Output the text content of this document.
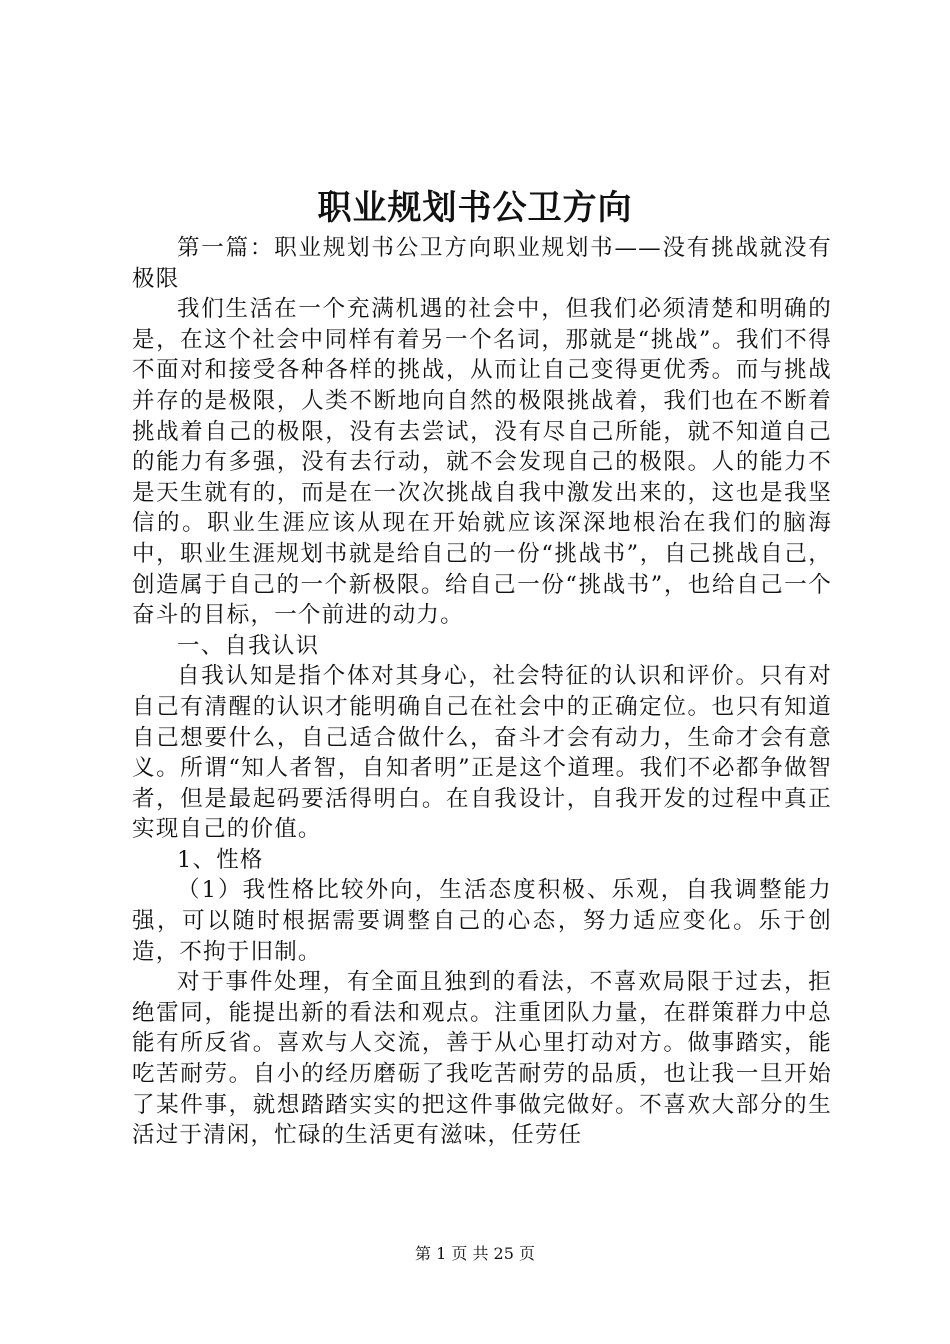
职业规划书公卫方向

第一篇：职业规划书公卫方向职业规划书——没有挑战就没有极限

我们生活在一个充满机遇的社会中，但我们必须清楚和明确的是，在这个社会中同样有着另一个名词，那就是“挑战”。我们不得不面对和接受各种各样的挑战，从而让自己变得更优秀。而与挑战并存的是极限，人类不断地向自然的极限挑战着，我们也在不断着挑战着自己的极限，没有去尝试，没有尽自己所能，就不知道自己的能力有多强，没有去行动，就不会发现自己的极限。人的能力不是天生就有的，而是在一次次挑战自我中激发出来的，这也是我坚信的。职业生涯应该从现在开始就应该深深地根治在我们的脑海中，职业生涯规划书就是给自己的一份“挑战书”，自己挑战自己，创造属于自己的一个新极限。给自己一份“挑战书”，也给自己一个奋斗的目标，一个前进的动力。

一、自我认识

自我认知是指个体对其身心，社会特征的认识和评价。只有对自己有清醒的认识才能明确自己在社会中的正确定位。也只有知道自己想要什么，自己适合做什么，奋斗才会有动力，生命才会有意义。所谓“知人者智，自知者明”正是这个道理。我们不必都争做智者，但是最起码要活得明白。在自我设计，自我开发的过程中真正实现自己的价值。

1、性格

（1）我性格比较外向，生活态度积极、乐观，自我调整能力强，可以随时根据需要调整自己的心态，努力适应变化。乐于创造，不拘于旧制。

对于事件处理，有全面且独到的看法，不喜欢局限于过去，拒绝雷同，能提出新的看法和观点。注重团队力量，在群策群力中总能有所反省。喜欢与人交流，善于从心里打动对方。做事踏实，能吃苦耐劳。自小的经历磨砺了我吃苦耐劳的品质，也让我一旦开始了某件事，就想踏踏实实的把这件事做完做好。不喜欢大部分的生活过于清闲，忙碌的生活更有滋味，任劳任

第 1 页 共 25 页
